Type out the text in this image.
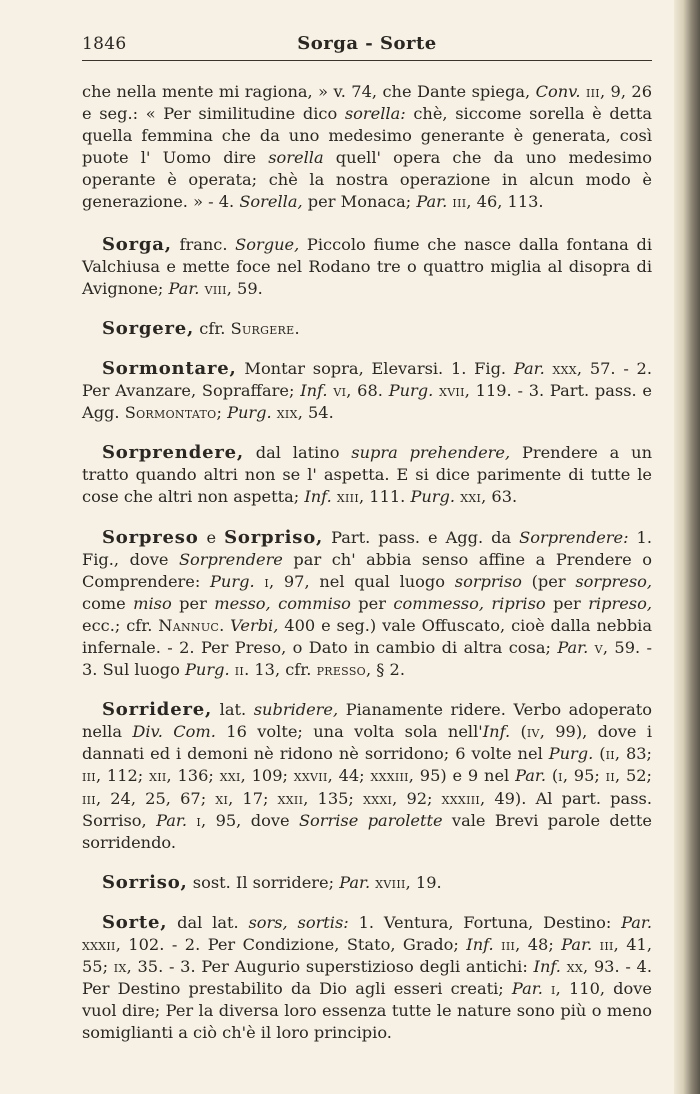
1846	Sorga - Sorte

che nella mente mi ragiona, » v. 74, che Dante spiega, Conv. iii, 9, 26 e seg.: « Per similitudine dico sorella: chè, siccome sorella è detta quella femmina che da uno medesimo generante è generata, così puote l' Uomo dire sorella quell' opera che da uno medesimo operante è operata; chè la nostra operazione in alcun modo è generazione. » - 4. Sorella, per Monaca; Par. iii, 46, 113.

Sorga, franc. Sorgue, Piccolo fiume che nasce dalla fontana di Valchiusa e mette foce nel Rodano tre o quattro miglia al disopra di Avignone; Par. viii, 59.

Sorgere, cfr. Surgere.

Sormontare, Montar sopra, Elevarsi. 1. Fig. Par. xxx, 57. - 2. Per Avanzare, Sopraffare; Inf. vi, 68. Purg. xvii, 119. - 3. Part. pass. e Agg. Sormontato; Purg. xix, 54.

Sorprendere, dal latino supra prehendere, Prendere a un tratto quando altri non se l' aspetta. E si dice parimente di tutte le cose che altri non aspetta; Inf. xiii, 111. Purg. xxi, 63.

Sorpreso e Sorpriso, Part. pass. e Agg. da Sorprendere: 1. Fig., dove Sorprendere par ch' abbia senso affine a Prendere o Comprendere: Purg. i, 97, nel qual luogo sorpriso (per sorpreso, come miso per messo, commiso per commesso, ripriso per ripreso, ecc.; cfr. Nannuc. Verbi, 400 e seg.) vale Offuscato, cioè dalla nebbia infernale. - 2. Per Preso, o Dato in cambio di altra cosa; Par. v, 59. - 3. Sul luogo Purg. ii. 13, cfr. presso, § 2.

Sorridere, lat. subridere, Pianamente ridere. Verbo adoperato nella Div. Com. 16 volte; una volta sola nell'Inf. (iv, 99), dove i dannati ed i demoni nè ridono nè sorridono; 6 volte nel Purg. (ii, 83; iii, 112; xii, 136; xxi, 109; xxvii, 44; xxxiii, 95) e 9 nel Par. (i, 95; ii, 52; iii, 24, 25, 67; xi, 17; xxii, 135; xxxi, 92; xxxiii, 49). Al part. pass. Sorriso, Par. i, 95, dove Sorrise parolette vale Brevi parole dette sorridendo.

Sorriso, sost. Il sorridere; Par. xviii, 19.

Sorte, dal lat. sors, sortis: 1. Ventura, Fortuna, Destino: Par. xxxii, 102. - 2. Per Condizione, Stato, Grado; Inf. iii, 48; Par. iii, 41, 55; ix, 35. - 3. Per Augurio superstizioso degli antichi: Inf. xx, 93. - 4. Per Destino prestabilito da Dio agli esseri creati; Par. i, 110, dove vuol dire; Per la diversa loro essenza tutte le nature sono più o meno somiglianti a ciò ch'è il loro principio.
